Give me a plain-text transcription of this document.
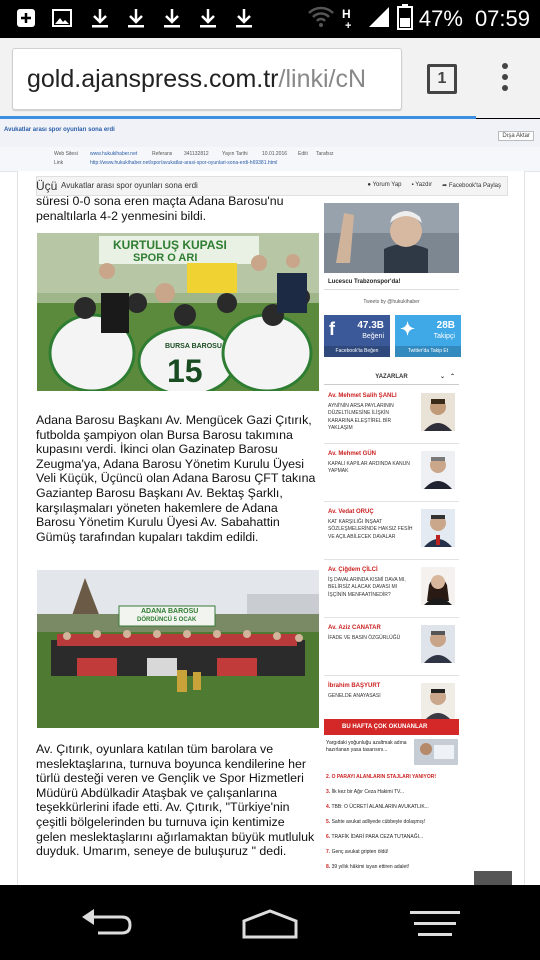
H
+	47% 07:59
gold.ajanspress.com.tr/linki/cN	1
Avukatlar arası spor oyunları sona erdi
Dışa Aktar
Web Sitesi www.hukukihaber.net	Referans 341132812	Yayın Tarihi	10.01.2016 Editi Tarafsız
Link	http://www.hukukihaber.net/spor/avukatlar-arasi-spor-oyunlari-sona-erdi-h69381.html
Üçü Avukatlar arası spor oyunları sona erdi	● Yorum Yap ▪ Yazdır ➦ Facebook'ta Paylaş
süresi 0-0 sona eren maçta Adana Barosu'nu penaltılarla 4-2 yenmesini bildi.
KURTULUŞ KUPASI
SPOR O ARI
BURSA BAROSU
15
Adana Barosu Başkanı Av. Mengücek Gazi Çıtırık, futbolda şampiyon olan Bursa Barosu takımına kupasını verdi. İkinci olan Gazinatep Barosu Zeugma'ya, Adana Barosu Yönetim Kurulu Üyesi Veli Küçük, Üçüncü olan Adana Barosu ÇFT takına Gaziantep Barosu Başkanı Av. Bektaş Şarklı, karşılaşmaları yöneten hakemlere de Adana Barosu Yönetim Kurulu Üyesi Av. Sabahattin Gümüş tarafından kupaları takdim edildi.
ADANA BAROSU
DÖRDÜNCÜ 5 OCAK
Av. Çıtırık, oyunlara katılan tüm barolara ve meslektaşlarına, turnuva boyunca kendilerine her türlü desteği veren ve Gençlik ve Spor Hizmetleri Müdürü Abdülkadir Ataşbak ve çalışanlarına teşekkürlerini ifade etti. Av. Çıtırık, "Türkiye'nin çeşitli bölgelerinden bu turnuva için kentimize gelen meslektaşlarını ağırlamaktan büyük mutluluk duyduk. Umarım, seneye de buluşuruz " dedi.
Lucescu Trabzonspor'da!
Tweets by @hukukihaber
f 47.3B
Beğeni
Facebook'ta Beğen
✦ 28B
Takipçi
Twitter'da Takip Et
YAZARLAR	⌄ ⌃
Av. Mehmet Salih ŞANLI
AYNİ'NİN ARSA PAYLARININ DÜZELTİLMESİNE İLİŞKİN KARARINA ELEŞTİREL BİR YAKLAŞIM
Av. Mehmet GÜN
KAPALI KAPILAR ARDINDA KANUN YAPMAK
Av. Vedat ORUÇ
KAT KARŞILIĞI İNŞAAT SÖZLEŞMELERİNDE HAKSIZ FESİH VE AÇILABİLECEK DAVALAR
Av. Çiğdem ÇİLCİ
İŞ DAVALARINDA KISMİ DAVA MI, BELİRSİZ ALACAK DAVASI MI İŞÇİNİN MENFAATİNEDİR?
Av. Aziz CANATAR
İFADE VE BASIN ÖZGÜRLÜĞÜ
İbrahim BAŞYURT
GENELDE ANAYASASI
BU HAFTA ÇOK OKUNANLAR
Yargıdaki yoğunluğu azaltmak adına hazırlanan yasa tasarısını...
2. O PARAYI ALANLARIN STAJLARI YANIYOR!
3. İlk kez bir Ağır Ceza Hakimi TV...
4. TBB: O ÜCRETİ ALANLARIN AVUKATLIK...
5. Sahte avukat adliyede cübbeyle dolaşmış!
6. TRAFİK İDARİ PARA CEZA TUTANAĞI...
7. Genç avukat gripten öldü!
8. 39 yıllık hâkimi isyan ettiren adalet!
